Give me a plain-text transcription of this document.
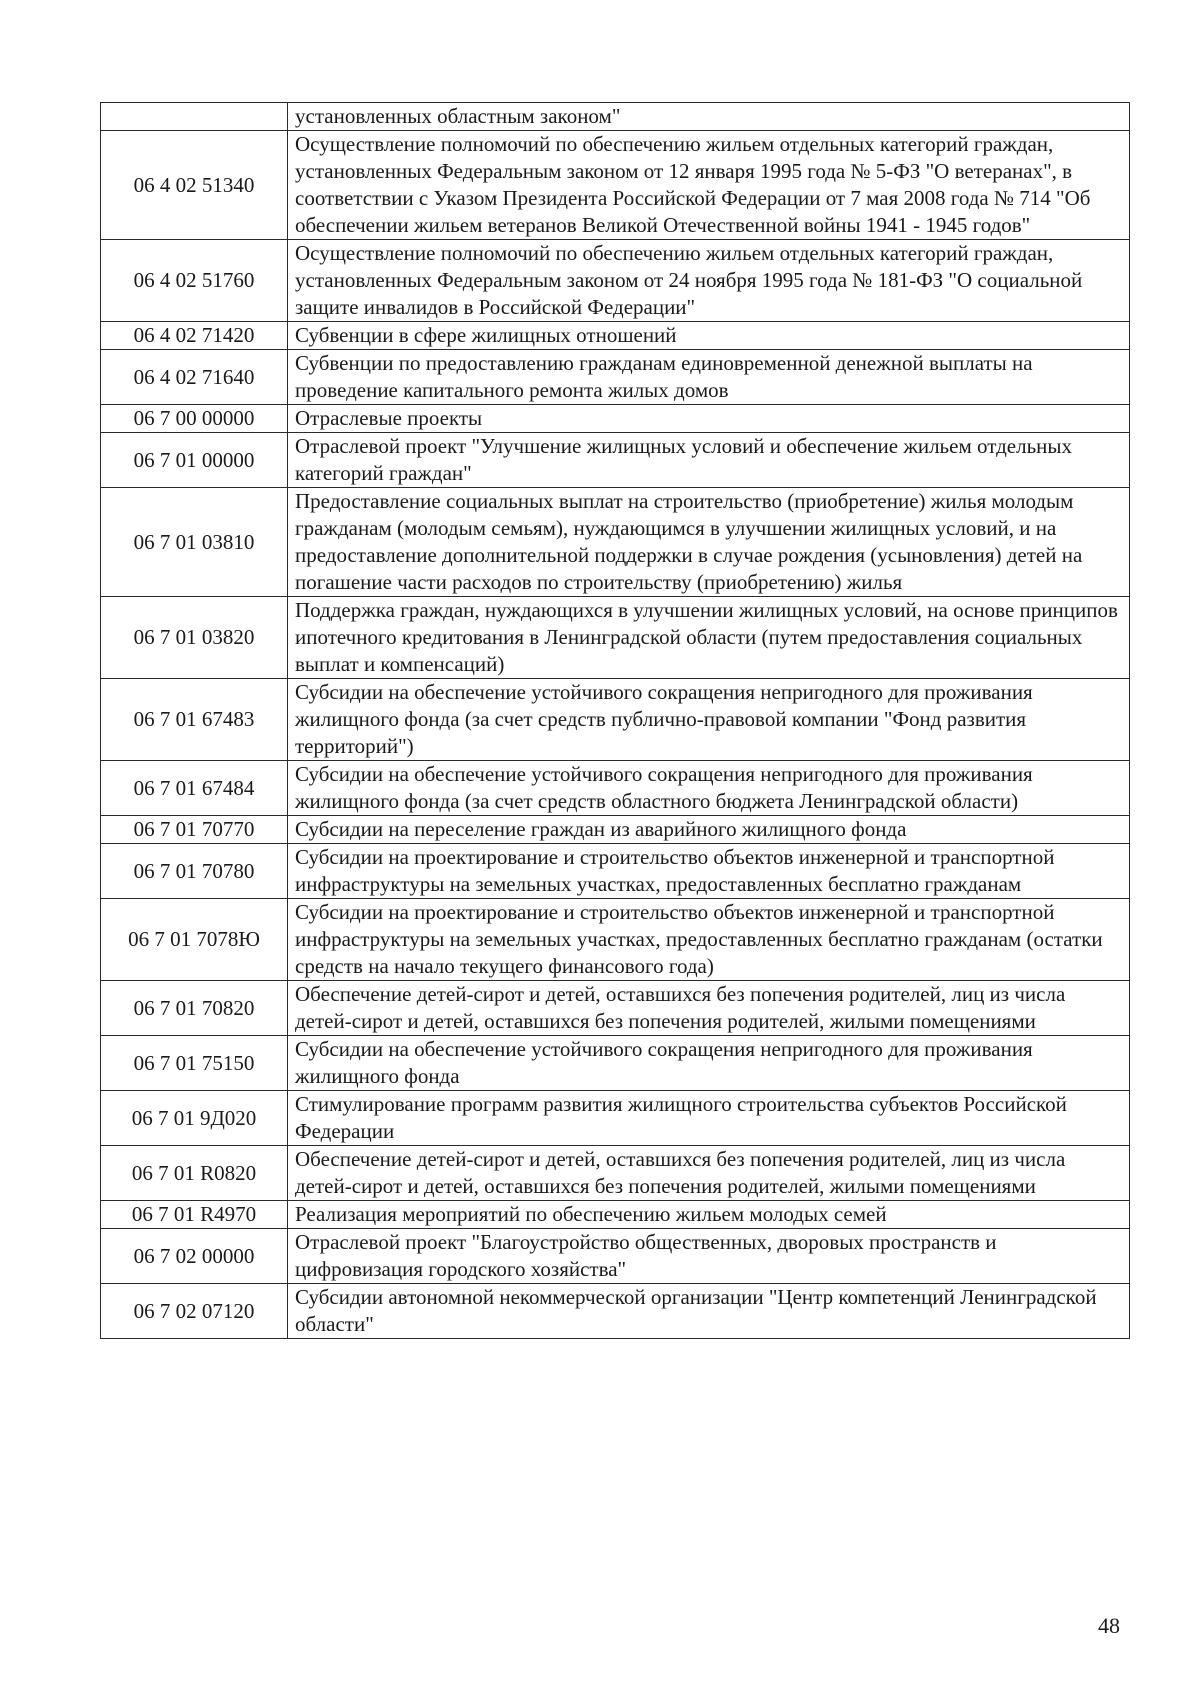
	установленных областным законом"
06 4 02 51340	Осуществление полномочий по обеспечению жильем отдельных категорий граждан, установленных Федеральным законом от 12 января 1995 года № 5-ФЗ "О ветеранах", в соответствии с Указом Президента Российской Федерации от 7 мая 2008 года № 714 "Об обеспечении жильем ветеранов Великой Отечественной войны 1941 - 1945 годов"
06 4 02 51760	Осуществление полномочий по обеспечению жильем отдельных категорий граждан, установленных Федеральным законом от 24 ноября 1995 года № 181-ФЗ "О социальной защите инвалидов в Российской Федерации"
06 4 02 71420	Субвенции в сфере жилищных отношений
06 4 02 71640	Субвенции по предоставлению гражданам единовременной денежной выплаты на проведение капитального ремонта жилых домов
06 7 00 00000	Отраслевые проекты
06 7 01 00000	Отраслевой проект "Улучшение жилищных условий и обеспечение жильем отдельных категорий граждан"
06 7 01 03810	Предоставление социальных выплат на строительство (приобретение) жилья молодым гражданам (молодым семьям), нуждающимся в улучшении жилищных условий, и на предоставление дополнительной поддержки в случае рождения (усыновления) детей на погашение части расходов по строительству (приобретению) жилья
06 7 01 03820	Поддержка граждан, нуждающихся в улучшении жилищных условий, на основе принципов ипотечного кредитования в Ленинградской области (путем предоставления социальных выплат и компенсаций)
06 7 01 67483	Субсидии на обеспечение устойчивого сокращения непригодного для проживания жилищного фонда (за счет средств публично-правовой компании "Фонд развития территорий")
06 7 01 67484	Субсидии на обеспечение устойчивого сокращения непригодного для проживания жилищного фонда (за счет средств областного бюджета Ленинградской области)
06 7 01 70770	Субсидии на переселение граждан из аварийного жилищного фонда
06 7 01 70780	Субсидии на проектирование и строительство объектов инженерной и транспортной инфраструктуры на земельных участках, предоставленных бесплатно гражданам
06 7 01 7078Ю	Субсидии на проектирование и строительство объектов инженерной и транспортной инфраструктуры на земельных участках, предоставленных бесплатно гражданам (остатки средств на начало текущего финансового года)
06 7 01 70820	Обеспечение детей-сирот и детей, оставшихся без попечения родителей, лиц из числа детей-сирот и детей, оставшихся без попечения родителей, жилыми помещениями
06 7 01 75150	Субсидии на обеспечение устойчивого сокращения непригодного для проживания жилищного фонда
06 7 01 9Д020	Стимулирование программ развития жилищного строительства субъектов Российской Федерации
06 7 01 R0820	Обеспечение детей-сирот и детей, оставшихся без попечения родителей, лиц из числа детей-сирот и детей, оставшихся без попечения родителей, жилыми помещениями
06 7 01 R4970	Реализация мероприятий по обеспечению жильем молодых семей
06 7 02 00000	Отраслевой проект "Благоустройство общественных, дворовых пространств и цифровизация городского хозяйства"
06 7 02 07120	Субсидии автономной некоммерческой организации "Центр компетенций Ленинградской области"
48
